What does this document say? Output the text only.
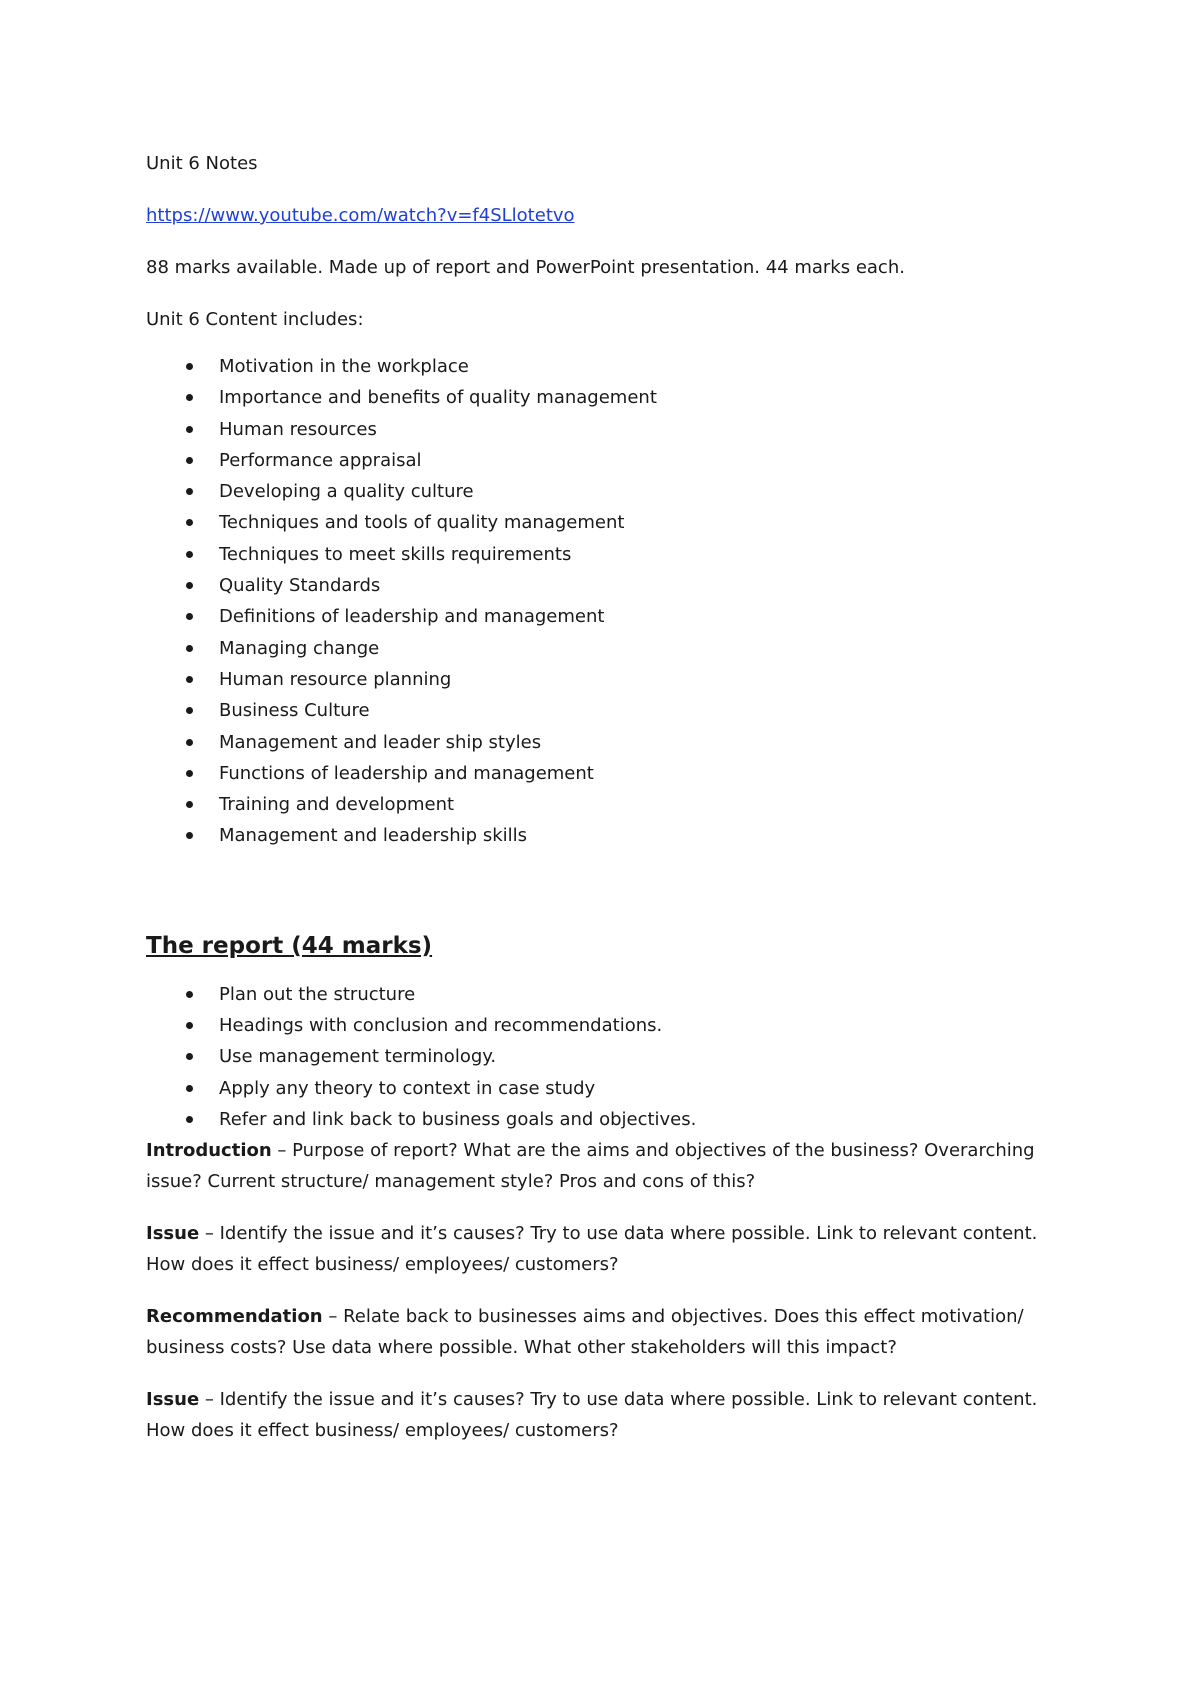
Unit 6 Notes

https://www.youtube.com/watch?v=f4SLlotetvo

88 marks available. Made up of report and PowerPoint presentation. 44 marks each.

Unit 6 Content includes:

Motivation in the workplace
Importance and benefits of quality management
Human resources
Performance appraisal
Developing a quality culture
Techniques and tools of quality management
Techniques to meet skills requirements
Quality Standards
Definitions of leadership and management
Managing change
Human resource planning
Business Culture
Management and leader ship styles
Functions of leadership and management
Training and development
Management and leadership skills
The report (44 marks)
Plan out the structure
Headings with conclusion and recommendations.
Use management terminology.
Apply any theory to context in case study
Refer and link back to business goals and objectives.

Introduction – Purpose of report? What are the aims and objectives of the business? Overarching issue? Current structure/ management style? Pros and cons of this?

Issue – Identify the issue and it’s causes? Try to use data where possible. Link to relevant content. How does it effect business/ employees/ customers?

Recommendation – Relate back to businesses aims and objectives. Does this effect motivation/ business costs? Use data where possible. What other stakeholders will this impact?

Issue – Identify the issue and it’s causes? Try to use data where possible. Link to relevant content. How does it effect business/ employees/ customers?
